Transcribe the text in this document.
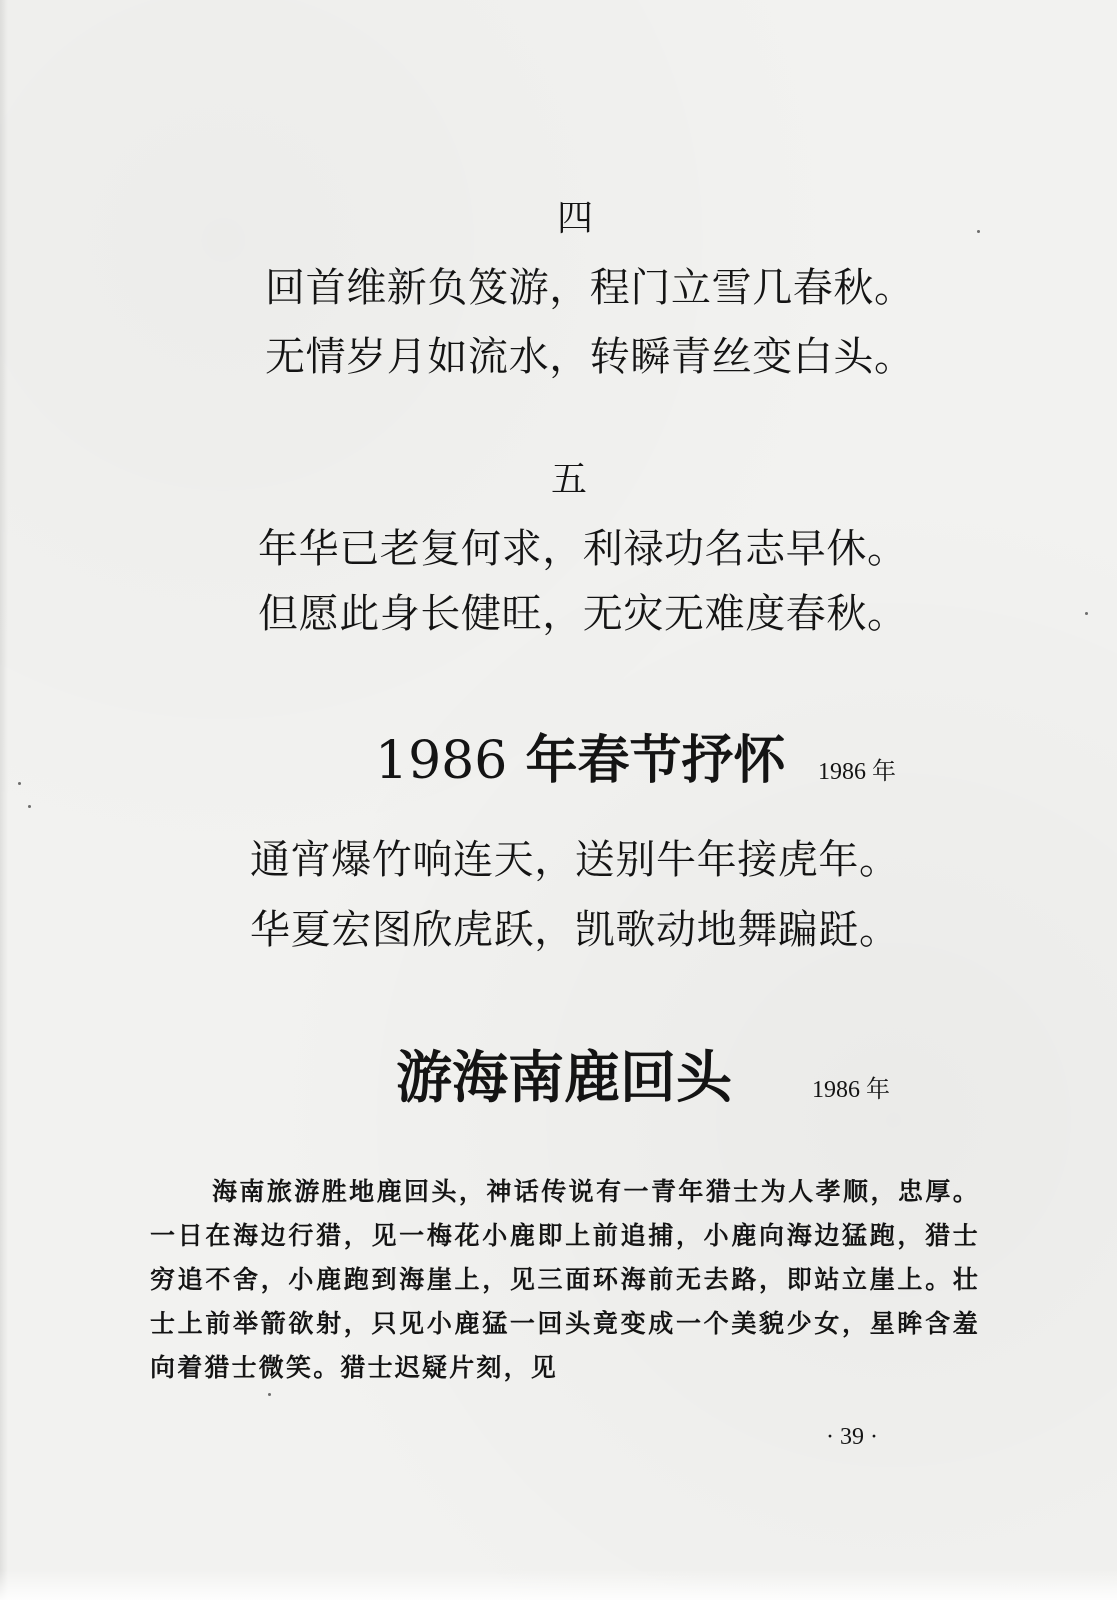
四
回首维新负笈游，程门立雪几春秋。
无情岁月如流水，转瞬青丝变白头。
五
年华已老复何求，利禄功名志早休。
但愿此身长健旺，无灾无难度春秋。
1986 年春节抒怀 1986 年
通宵爆竹响连天，送别牛年接虎年。
华夏宏图欣虎跃，凯歌动地舞蹁跹。
游海南鹿回头	1986 年
海南旅游胜地鹿回头，神话传说有一青年猎士为人孝顺，忠厚。一日在海边行猎，见一梅花小鹿即上前追捕，小鹿向海边猛跑，猎士穷追不舍，小鹿跑到海崖上，见三面环海前无去路，即站立崖上。壮士上前举箭欲射，只见小鹿猛一回头竟变成一个美貌少女，星眸含羞向着猎士微笑。猎士迟疑片刻，见
· 39 ·
